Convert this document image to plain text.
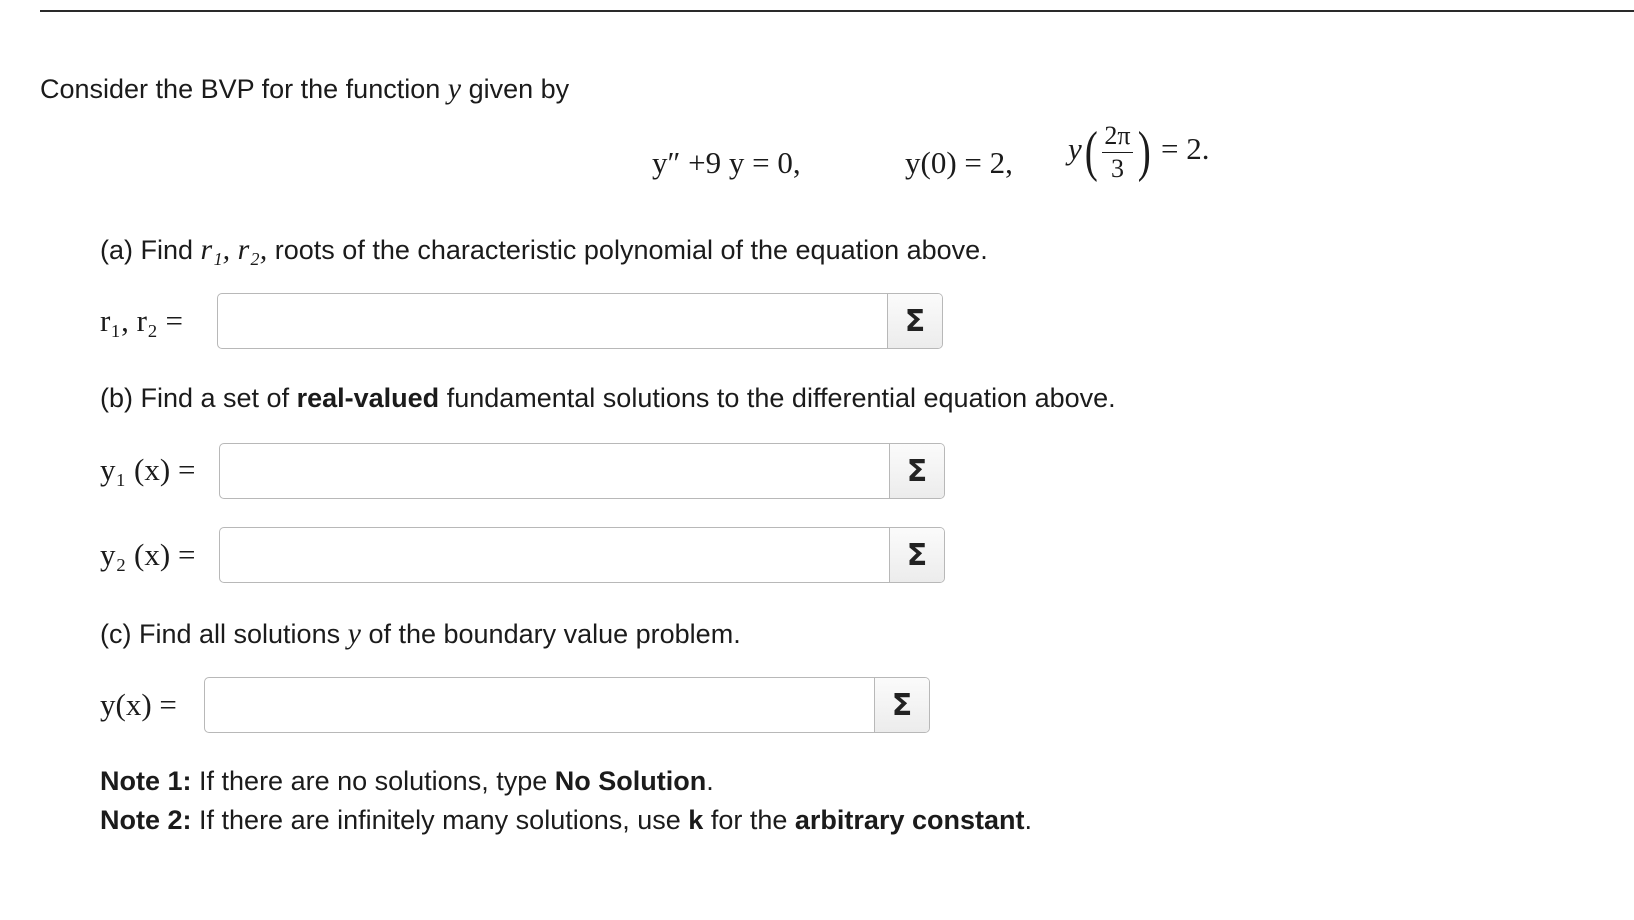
Consider the BVP for the function y given by
y″ +9 y = 0,	y(0) = 2, $y( \frac{2\pi}{3}$ ) = 2.
(a) Find r₁, r₂, roots of the characteristic polynomial of the equation above.
r₁, r₂ =	Σ
(b) Find a set of real-valued fundamental solutions to the differential equation above.
y₁ (x) =	Σ
y₂ (x) =	Σ
(c) Find all solutions y of the boundary value problem.
y(x) =	Σ
Note 1: If there are no solutions, type No Solution.
Note 2: If there are infinitely many solutions, use k for the arbitrary constant.
